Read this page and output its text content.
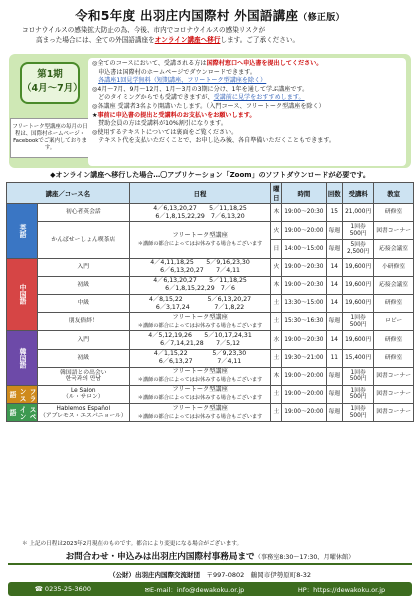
令和5年度 出羽庄内国際村 外国語講座（修正版）
コロナウイルスの感染拡大防止の為、今後、市内でコロナウイルスの感染リスクが
高まった場合には、全ての外国語講座をオンライン講座へ移行します。ご了承ください。
第1期
（4月～7月）
フリートーク型講座の毎月の日程は、国際村ホームページ・Facebookでご案内しております。
◎全てのコースにおいて、受講される方は国際村窓口へ申込書を提出してください。
　申込書は国際村のホームページでダウンロードできます。
　各講座1回見学無料（短期講座、フリートーク型講座を除く）
◎4月～7月、9月～12月、1月～3月の3期に分け、1年を通して学ぶ講座です。
　どのタイミングからでも受講できますが、受講前に見学をおすすめします。
◎各講座 受講者3名より開講いたします。（入門コース、フリートーク型講座を除く）
★事前に申込書の提出と受講料のお支払いをお願いします。
　賛助会員の方は受講料が10%割引になります。
◎使用するテキストについては裏面をご覧ください。
　テキスト代を支払いただくことで、お申し込み後、各自準備いただくこともできます。
◆オンライン講座へ移行した場合…〇アプリケーション「Zoom」のソフトダウンロードが必要です。
講座／コース名		日程	曜日	時間	回数	受講料	教室
英語	初心者英会話	4／6,13,20,27　　5／11,18,25
6／1,8,15,22,29　7／6,13,20	木	19:00～20:30	15	21,000円	研修室
	かんばせーしょん喫茶店	フリートーク型講座
＊講師の都合によってはお休みする場合もございます	火	19:00～20:00	毎週	1回券
500円	図書コーナー
			日	14:00～15:00	毎週	5回券
2,500円	応接会議室
中国語	入門	4／4,11,18,25　　5／9,16,23,30
6／6,13,20,27　　7／4,11	火	19:00～20:30	14	19,600円	小研修室
	初級	4／6,13,20,27　　5／11,18,25
6／1,8,15,22,29　7／6	木	19:00～20:30	14	19,600円	応接会議室
	中級	4／8,15,22　　　　5／6,13,20,27
6／3,17,24　　　　7／1,8,22	土	13:30～15:00	14	19,600円	研修室
	朋友俗絆！	フリートーク型講座
＊講師の都合によってはお休みする場合もございます	土	15:30～16:30	毎週	1回券
500円	ロビー
韓国語	入門	4／5,12,19,26　　5／10,17,24,31
6／7,14,21,28　　7／5,12	水	19:00～20:30	14	19,600円	研修室
	初級	4／1,15,22　　　　5／9,23,30
6／6,13,27　　　　7／4,11	土	19:30～21:00	11	15,400円	研修室
	韓国語との出会い
한국과의 만남	フリートーク型講座
＊講師の都合によってはお休みする場合もございます	木	19:00～20:00	毎週	1回券
500円	図書コーナー
フランス語	Le Salon
（ル・サロン）	フリートーク型講座
＊講師の都合によってはお休みする場合もございます	土	19:00～20:00	毎週	1回券
500円	図書コーナー
スペイン語	Hablemos Español
（アブレモス・エスパニョール）	フリートーク型講座
＊講師の都合によってはお休みする場合もございます	土	19:00～20:00	毎週	1回券
500円	図書コーナー
＊ 上記の日程は2023年2月現在のものです。都合により変更になる場合がございます。
お問合わせ・申込みは出羽庄内国際村事務局まで（事務室8:30～17:30、月曜休館）
（公財）出羽庄内国際交流財団　 〒997-0802　 鶴岡市伊勢原町8-32
☎ 0235-25-3600	✉E-mail：info@dewakoku.or.jp	HP：https://dewakoku.or.jp
